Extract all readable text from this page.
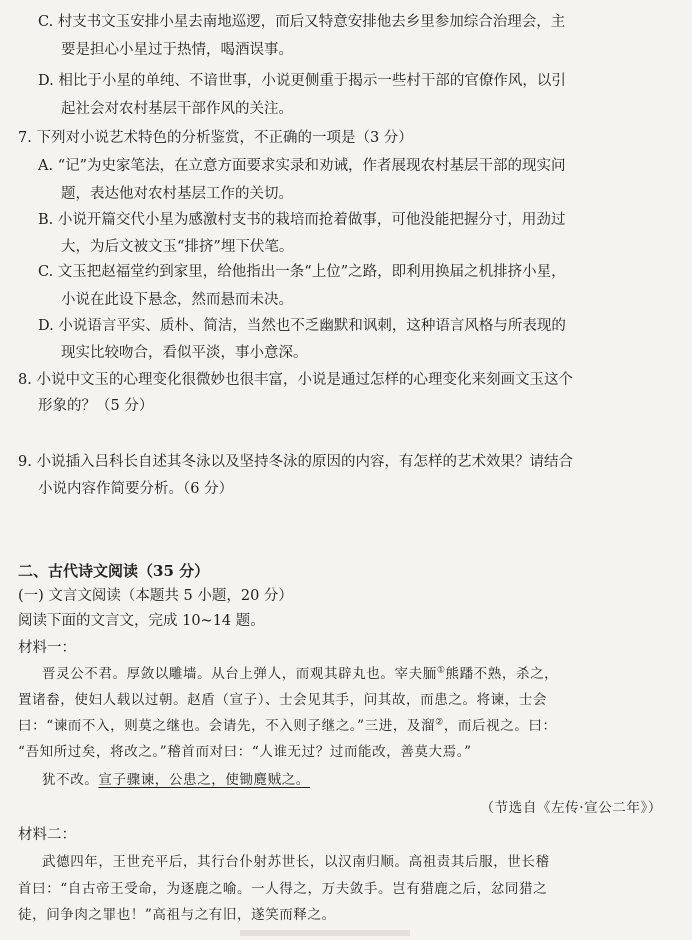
C. 村支书文玉安排小星去南地巡逻，而后又特意安排他去乡里参加综合治理会，主
要是担心小星过于热情，喝酒误事。
D. 相比于小星的单纯、不谙世事，小说更侧重于揭示一些村干部的官僚作风，以引
起社会对农村基层干部作风的关注。
7. 下列对小说艺术特色的分析鉴赏，不正确的一项是（3 分）
A. “记”为史家笔法，在立意方面要求实录和劝诫，作者展现农村基层干部的现实问
题，表达他对农村基层工作的关切。
B. 小说开篇交代小星为感激村支书的栽培而抢着做事，可他没能把握分寸，用劲过
大，为后文被文玉“排挤”埋下伏笔。
C. 文玉把赵福堂约到家里，给他指出一条“上位”之路，即利用换届之机排挤小星，
小说在此设下悬念，然而悬而未决。
D. 小说语言平实、质朴、简洁，当然也不乏幽默和讽刺，这种语言风格与所表现的
现实比较吻合，看似平淡，事小意深。
8. 小说中文玉的心理变化很微妙也很丰富，小说是通过怎样的心理变化来刻画文玉这个
形象的？（5 分）
9. 小说插入吕科长自述其冬泳以及坚持冬泳的原因的内容，有怎样的艺术效果？请结合
小说内容作简要分析。（6 分）
二、古代诗文阅读（35 分）
(一) 文言文阅读（本题共 5 小题，20 分）
阅读下面的文言文，完成 10~14 题。
材料一：
晋灵公不君。厚敛以雕墙。从台上弹人，而观其辟丸也。宰夫胹①熊蹯不熟，杀之，
置诸畚，使妇人载以过朝。赵盾（宣子）、士会见其手，问其故，而患之。将谏，士会
曰：“谏而不入，则莫之继也。会请先，不入则子继之。”三进，及溜②，而后视之。曰：
“吾知所过矣，将改之。”稽首而对曰：“人谁无过？过而能改，善莫大焉。”
犹不改。宣子骤谏，公患之，使锄麑贼之。
（节选自《左传·宣公二年》）
材料二：
武德四年，王世充平后，其行台仆射苏世长，以汉南归顺。高祖责其后服，世长稽
首曰：“自古帝王受命，为逐鹿之喻。一人得之，万夫敛手。岂有猎鹿之后，忿同猎之
徒，问争肉之罪也！”高祖与之有旧，遂笑而释之。
